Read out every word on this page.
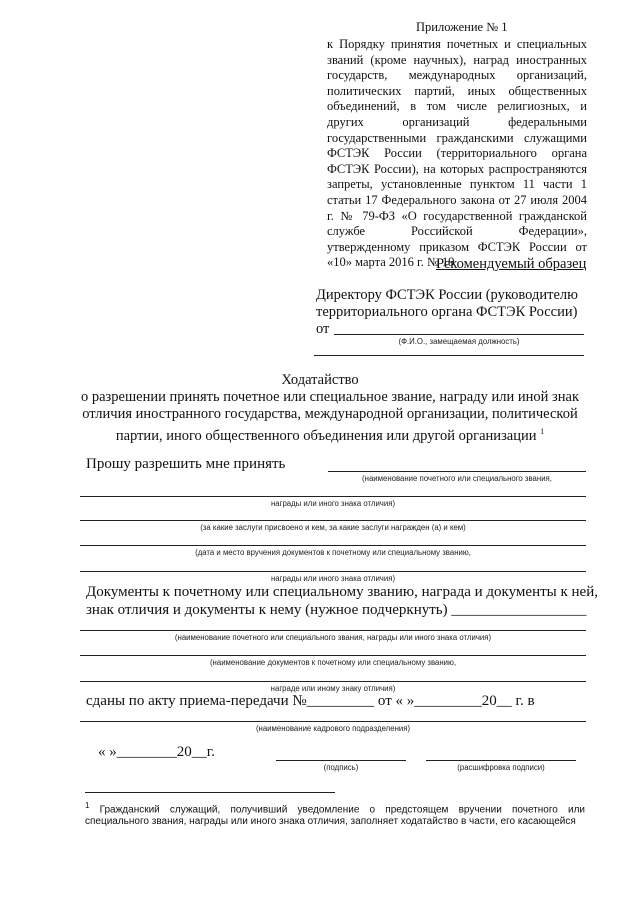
Приложение № 1
к Порядку принятия почетных и специальных званий (кроме научных), наград иностранных государств, международных организаций, политических партий, иных общественных объединений, в том числе религиозных, и других организаций федеральными государственными гражданскими служащими ФСТЭК России (территориального органа ФСТЭК России), на которых распространяются запреты, установленные пунктом 11 части 1 статьи 17 Федерального закона от 27 июля 2004 г. № 79-ФЗ «О государственной гражданской службе Российской Федерации», утвержденному приказом ФСТЭК России от «10» марта 2016 г. № 19
Рекомендуемый образец
Директору ФСТЭК России (руководителю
территориального органа ФСТЭК России)
от
(Ф.И.О., замещаемая должность)
Ходатайство
о разрешении принять почетное или специальное звание, награду или иной знак отличия иностранного государства, международной организации, политической партии, иного общественного объединения или другой организации $^1$
Прошу разрешить мне принять
(наименование почетного или специального звания,
награды или иного знака отличия)
(за какие заслуги присвоено и кем, за какие заслуги награжден (а) и кем)
(дата и место вручения документов к почетному или специальному званию,
награды или иного знака отличия)
Документы к почетному или специальному званию, награда и документы к ней,
знак отличия и документы к нему (нужное подчеркнуть) __________________
(наименование почетного или специального звания, награды или иного знака отличия)
(наименование документов к почетному или специальному званию,
награде или иному знаку отличия)
сданы по акту приема-передачи №_________ от « »_________20__ г. в
(наименование кадрового подразделения)
« »________20__г.
(подпись)	(расшифровка подписи)
$^1$ Гражданский служащий, получивший уведомление о предстоящем вручении почетного или специального звания, награды или иного знака отличия, заполняет ходатайство в части, его касающейся
